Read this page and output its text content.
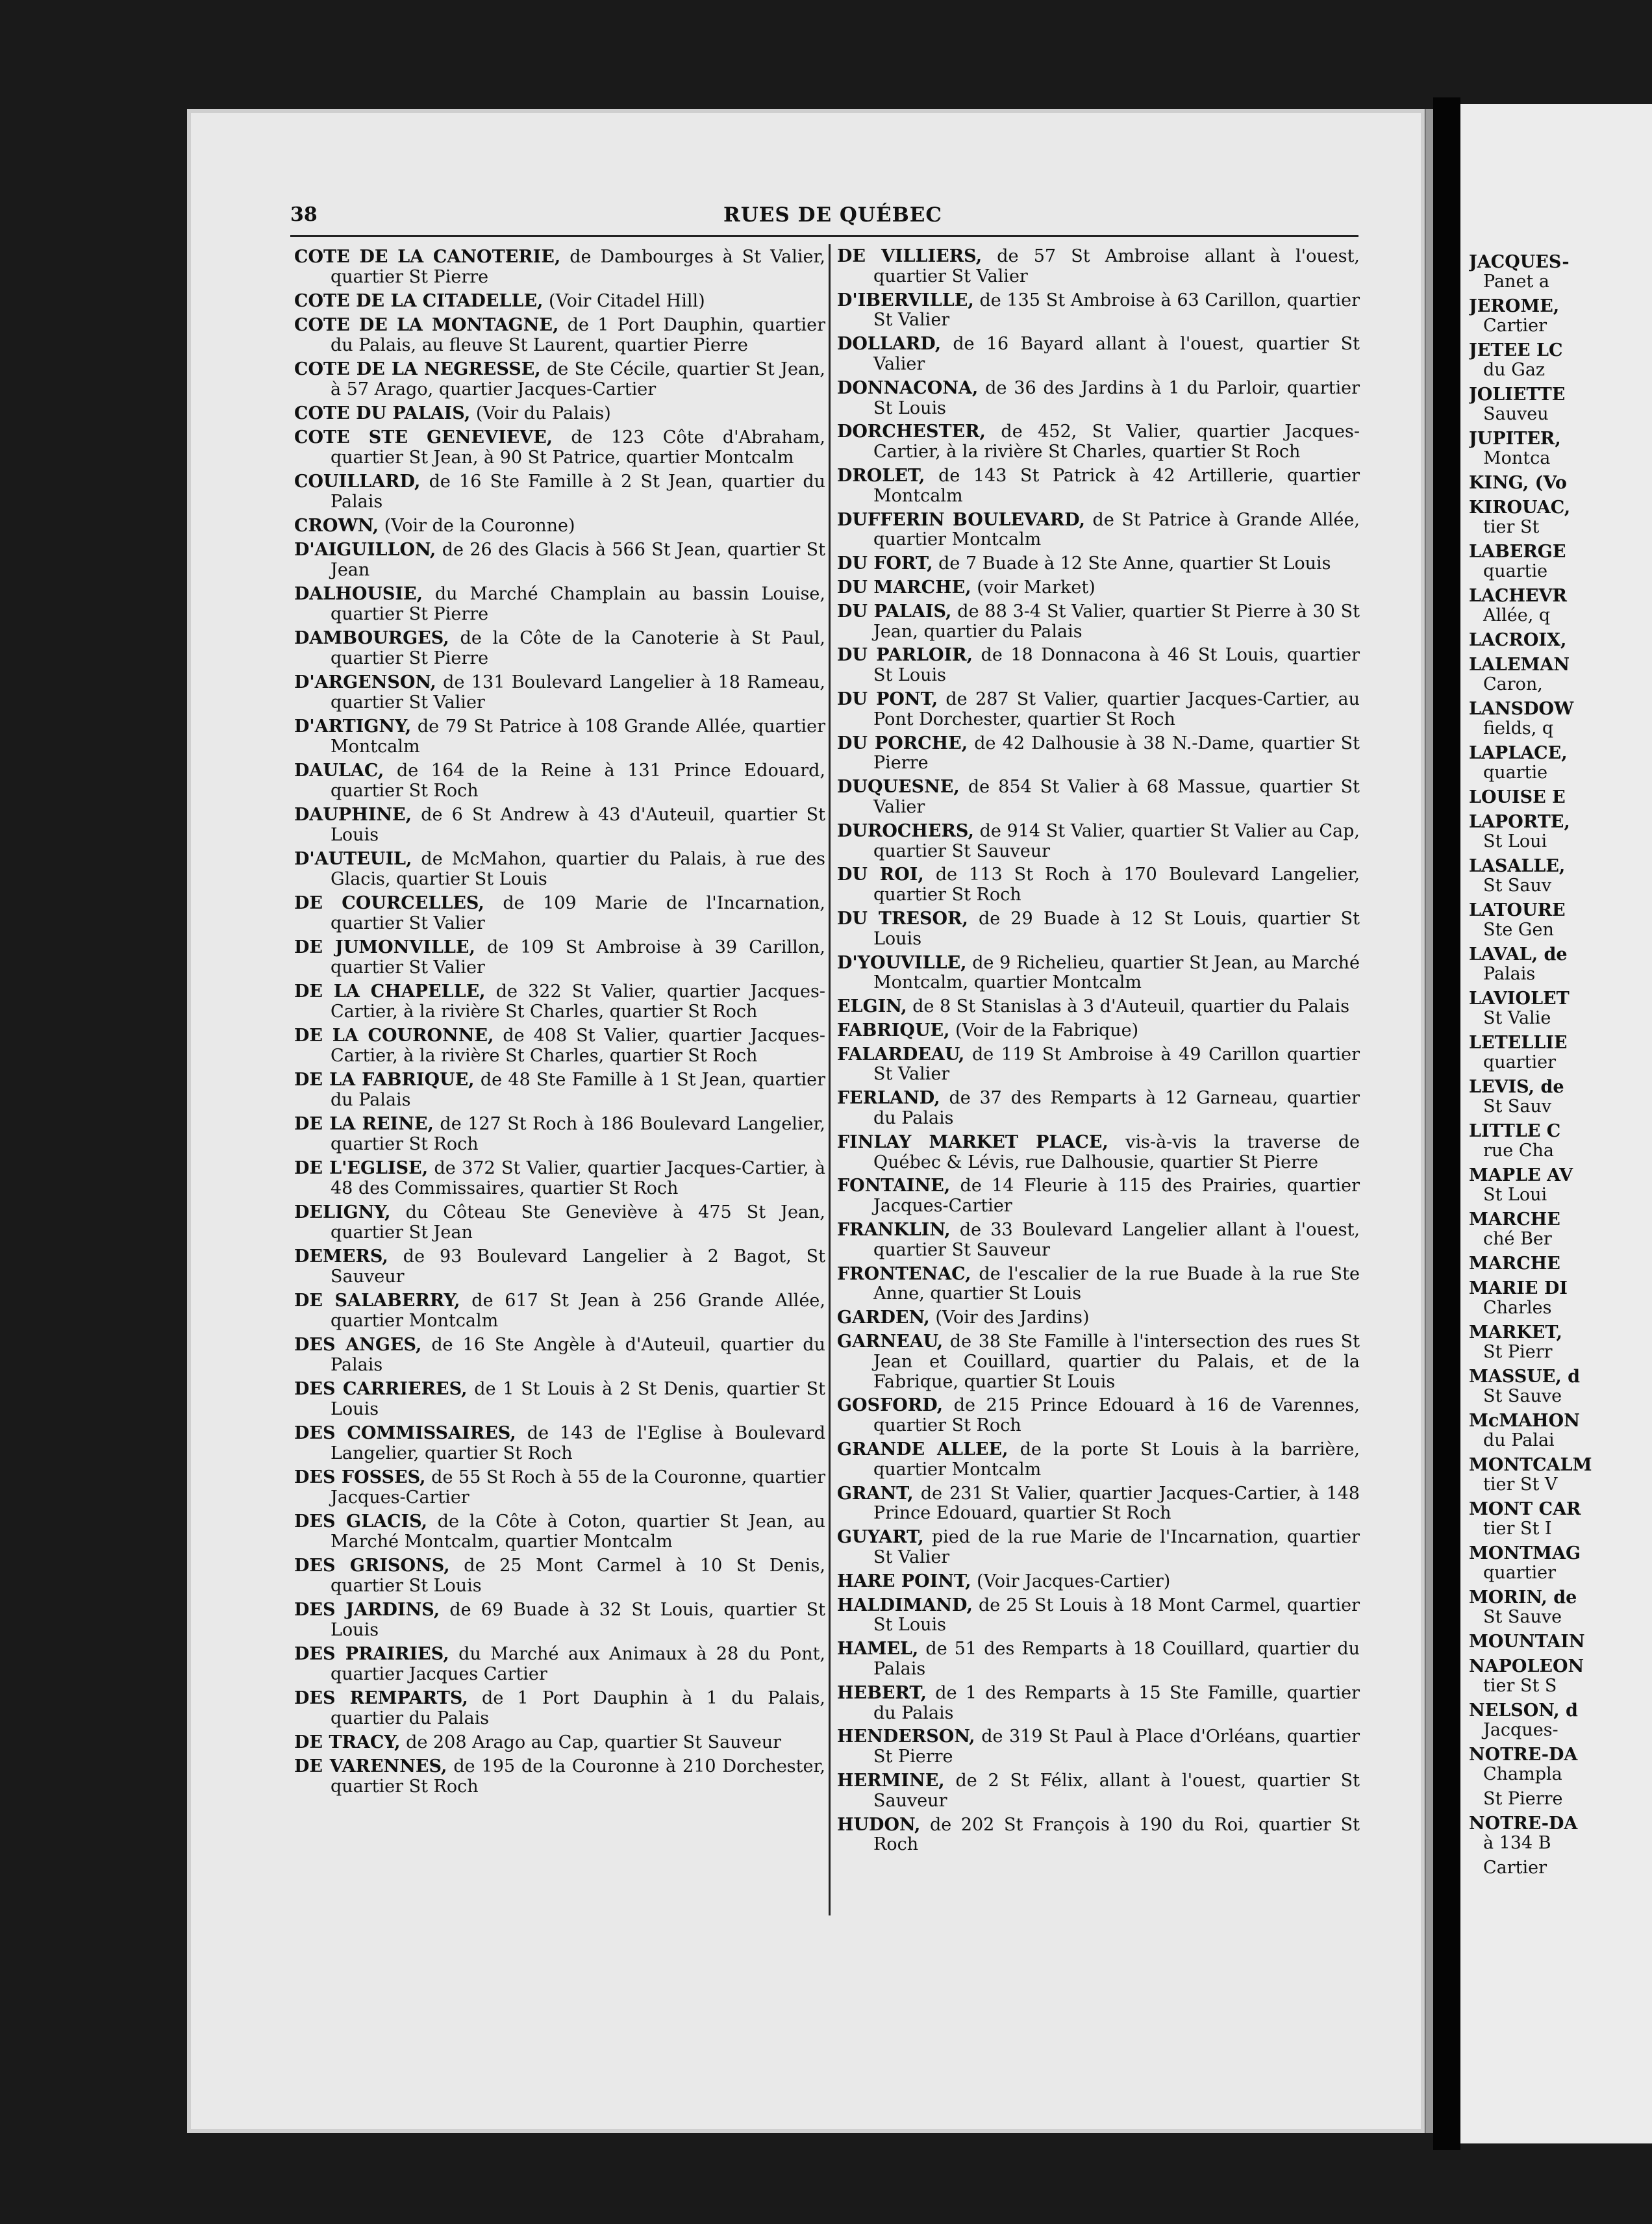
38	RUES DE QUÉBEC
COTE DE LA CANOTERIE, de Dambourges à St Valier, quartier St Pierre
COTE DE LA CITADELLE, (Voir Citadel Hill)
COTE DE LA MONTAGNE, de 1 Port Dauphin, quartier du Palais, au fleuve St Laurent, quartier Pierre
COTE DE LA NEGRESSE, de Ste Cécile, quartier St Jean, à 57 Arago, quartier Jacques-Cartier
COTE DU PALAIS, (Voir du Palais)
COTE STE GENEVIEVE, de 123 Côte d'Abraham, quartier St Jean, à 90 St Patrice, quartier Montcalm
COUILLARD, de 16 Ste Famille à 2 St Jean, quartier du Palais
CROWN, (Voir de la Couronne)
D'AIGUILLON, de 26 des Glacis à 566 St Jean, quartier St Jean
DALHOUSIE, du Marché Champlain au bassin Louise, quartier St Pierre
DAMBOURGES, de la Côte de la Canoterie à St Paul, quartier St Pierre
D'ARGENSON, de 131 Boulevard Langelier à 18 Rameau, quartier St Valier
D'ARTIGNY, de 79 St Patrice à 108 Grande Allée, quartier Montcalm
DAULAC, de 164 de la Reine à 131 Prince Edouard, quartier St Roch
DAUPHINE, de 6 St Andrew à 43 d'Auteuil, quartier St Louis
D'AUTEUIL, de McMahon, quartier du Palais, à rue des Glacis, quartier St Louis
DE COURCELLES, de 109 Marie de l'Incarnation, quartier St Valier
DE JUMONVILLE, de 109 St Ambroise à 39 Carillon, quartier St Valier
DE LA CHAPELLE, de 322 St Valier, quartier Jacques-Cartier, à la rivière St Charles, quartier St Roch
DE LA COURONNE, de 408 St Valier, quartier Jacques-Cartier, à la rivière St Charles, quartier St Roch
DE LA FABRIQUE, de 48 Ste Famille à 1 St Jean, quartier du Palais
DE LA REINE, de 127 St Roch à 186 Boulevard Langelier, quartier St Roch
DE L'EGLISE, de 372 St Valier, quartier Jacques-Cartier, à 48 des Commissaires, quartier St Roch
DELIGNY, du Côteau Ste Geneviève à 475 St Jean, quartier St Jean
DEMERS, de 93 Boulevard Langelier à 2 Bagot, St Sauveur
DE SALABERRY, de 617 St Jean à 256 Grande Allée, quartier Montcalm
DES ANGES, de 16 Ste Angèle à d'Auteuil, quartier du Palais
DES CARRIERES, de 1 St Louis à 2 St Denis, quartier St Louis
DES COMMISSAIRES, de 143 de l'Eglise à Boulevard Langelier, quartier St Roch
DES FOSSES, de 55 St Roch à 55 de la Couronne, quartier Jacques-Cartier
DES GLACIS, de la Côte à Coton, quartier St Jean, au Marché Montcalm, quartier Montcalm
DES GRISONS, de 25 Mont Carmel à 10 St Denis, quartier St Louis
DES JARDINS, de 69 Buade à 32 St Louis, quartier St Louis
DES PRAIRIES, du Marché aux Animaux à 28 du Pont, quartier Jacques Cartier
DES REMPARTS, de 1 Port Dauphin à 1 du Palais, quartier du Palais
DE TRACY, de 208 Arago au Cap, quartier St Sauveur
DE VARENNES, de 195 de la Couronne à 210 Dorchester, quartier St Roch
DE VILLIERS, de 57 St Ambroise allant à l'ouest, quartier St Valier
D'IBERVILLE, de 135 St Ambroise à 63 Carillon, quartier St Valier
DOLLARD, de 16 Bayard allant à l'ouest, quartier St Valier
DONNACONA, de 36 des Jardins à 1 du Parloir, quartier St Louis
DORCHESTER, de 452, St Valier, quartier Jacques-Cartier, à la rivière St Charles, quartier St Roch
DROLET, de 143 St Patrick à 42 Artillerie, quartier Montcalm
DUFFERIN BOULEVARD, de St Patrice à Grande Allée, quartier Montcalm
DU FORT, de 7 Buade à 12 Ste Anne, quartier St Louis
DU MARCHE, (voir Market)
DU PALAIS, de 88 3-4 St Valier, quartier St Pierre à 30 St Jean, quartier du Palais
DU PARLOIR, de 18 Donnacona à 46 St Louis, quartier St Louis
DU PONT, de 287 St Valier, quartier Jacques-Cartier, au Pont Dorchester, quartier St Roch
DU PORCHE, de 42 Dalhousie à 38 N.-Dame, quartier St Pierre
DUQUESNE, de 854 St Valier à 68 Massue, quartier St Valier
DUROCHERS, de 914 St Valier, quartier St Valier au Cap, quartier St Sauveur
DU ROI, de 113 St Roch à 170 Boulevard Langelier, quartier St Roch
DU TRESOR, de 29 Buade à 12 St Louis, quartier St Louis
D'YOUVILLE, de 9 Richelieu, quartier St Jean, au Marché Montcalm, quartier Montcalm
ELGIN, de 8 St Stanislas à 3 d'Auteuil, quartier du Palais
FABRIQUE, (Voir de la Fabrique)
FALARDEAU, de 119 St Ambroise à 49 Carillon quartier St Valier
FERLAND, de 37 des Remparts à 12 Garneau, quartier du Palais
FINLAY MARKET PLACE, vis-à-vis la traverse de Québec & Lévis, rue Dalhousie, quartier St Pierre
FONTAINE, de 14 Fleurie à 115 des Prairies, quartier Jacques-Cartier
FRANKLIN, de 33 Boulevard Langelier allant à l'ouest, quartier St Sauveur
FRONTENAC, de l'escalier de la rue Buade à la rue Ste Anne, quartier St Louis
GARDEN, (Voir des Jardins)
GARNEAU, de 38 Ste Famille à l'intersection des rues St Jean et Couillard, quartier du Palais, et de la Fabrique, quartier St Louis
GOSFORD, de 215 Prince Edouard à 16 de Varennes, quartier St Roch
GRANDE ALLEE, de la porte St Louis à la barrière, quartier Montcalm
GRANT, de 231 St Valier, quartier Jacques-Cartier, à 148 Prince Edouard, quartier St Roch
GUYART, pied de la rue Marie de l'Incarnation, quartier St Valier
HARE POINT, (Voir Jacques-Cartier)
HALDIMAND, de 25 St Louis à 18 Mont Carmel, quartier St Louis
HAMEL, de 51 des Remparts à 18 Couillard, quartier du Palais
HEBERT, de 1 des Remparts à 15 Ste Famille, quartier du Palais
HENDERSON, de 319 St Paul à Place d'Orléans, quartier St Pierre
HERMINE, de 2 St Félix, allant à l'ouest, quartier St Sauveur
HUDON, de 202 St François à 190 du Roi, quartier St Roch
JACQUES-
Panet a
JEROME,
Cartier
JETEE LC
du Gaz
JOLIETTE
Sauveu
JUPITER,
Montca
KING, (Vo
KIROUAC,
tier St
LABERGE
quartie
LACHEVR
Allée, q
LACROIX,
LALEMAN
Caron,
LANSDOW
fields, q
LAPLACE,
quartie
LOUISE E
LAPORTE,
St Loui
LASALLE,
St Sauv
LATOURE
Ste Gen
LAVAL, de
Palais
LAVIOLET
St Valie
LETELLIE
quartier
LEVIS, de
St Sauv
LITTLE C
rue Cha
MAPLE AV
St Loui
MARCHE
ché Ber
MARCHE
MARIE DI
Charles
MARKET,
St Pierr
MASSUE, d
St Sauve
McMAHON
du Palai
MONTCALM
tier St V
MONT CAR
tier St I
MONTMAG
quartier
MORIN, de
St Sauve
MOUNTAIN
NAPOLEON
tier St S
NELSON, d
Jacques-
NOTRE-DA
Champla
St Pierre
NOTRE-DA
à 134 B
Cartier
